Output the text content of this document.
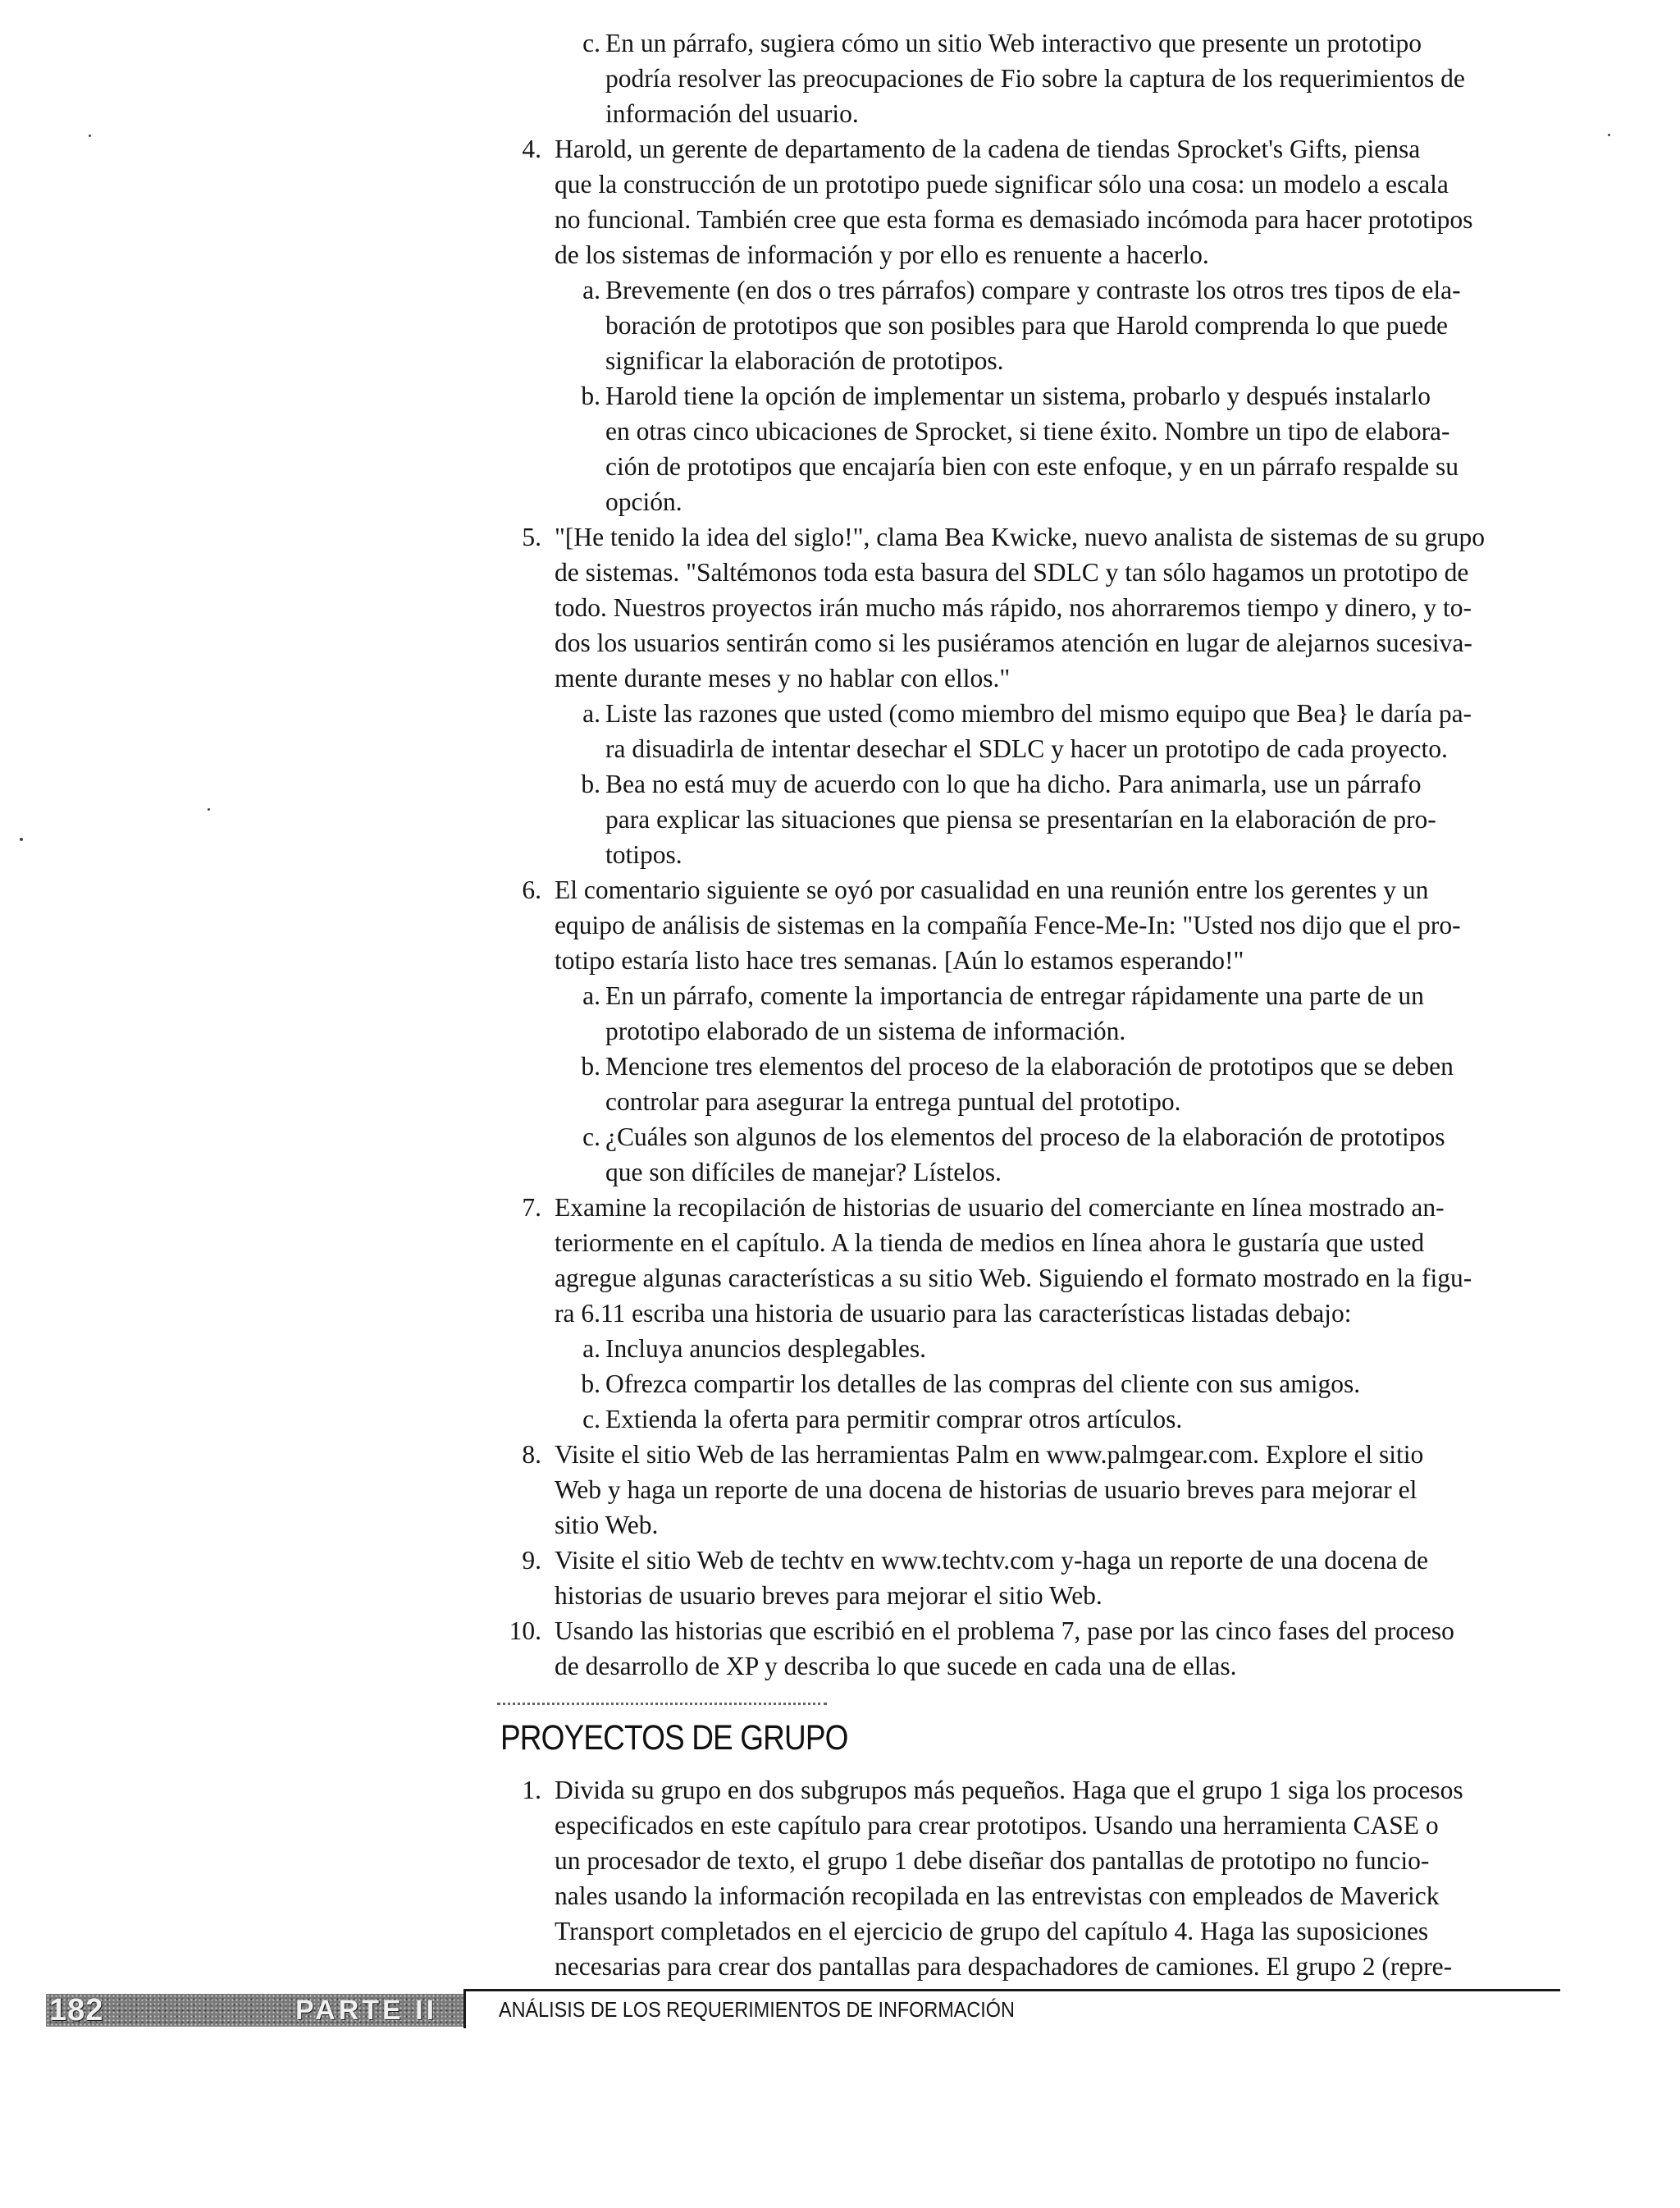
c. En un párrafo, sugiera cómo un sitio Web interactivo que presente un prototipo
podría resolver las preocupaciones de Fio sobre la captura de los requerimientos de
información del usuario.
4. Harold, un gerente de departamento de la cadena de tiendas Sprocket's Gifts, piensa
que la construcción de un prototipo puede significar sólo una cosa: un modelo a escala
no funcional. También cree que esta forma es demasiado incómoda para hacer prototipos
de los sistemas de información y por ello es renuente a hacerlo.
a. Brevemente (en dos o tres párrafos) compare y contraste los otros tres tipos de ela-
boración de prototipos que son posibles para que Harold comprenda lo que puede
significar la elaboración de prototipos.
b. Harold tiene la opción de implementar un sistema, probarlo y después instalarlo
en otras cinco ubicaciones de Sprocket, si tiene éxito. Nombre un tipo de elabora-
ción de prototipos que encajaría bien con este enfoque, y en un párrafo respalde su
opción.
5. "[He tenido la idea del siglo!", clama Bea Kwicke, nuevo analista de sistemas de su grupo
de sistemas. "Saltémonos toda esta basura del SDLC y tan sólo hagamos un prototipo de
todo. Nuestros proyectos irán mucho más rápido, nos ahorraremos tiempo y dinero, y to-
dos los usuarios sentirán como si les pusiéramos atención en lugar de alejarnos sucesiva-
mente durante meses y no hablar con ellos."
a. Liste las razones que usted (como miembro del mismo equipo que Bea} le daría pa-
ra disuadirla de intentar desechar el SDLC y hacer un prototipo de cada proyecto.
b. Bea no está muy de acuerdo con lo que ha dicho. Para animarla, use un párrafo
para explicar las situaciones que piensa se presentarían en la elaboración de pro-
totipos.
6. El comentario siguiente se oyó por casualidad en una reunión entre los gerentes y un
equipo de análisis de sistemas en la compañía Fence-Me-In: "Usted nos dijo que el pro-
totipo estaría listo hace tres semanas. [Aún lo estamos esperando!"
a. En un párrafo, comente la importancia de entregar rápidamente una parte de un
prototipo elaborado de un sistema de información.
b. Mencione tres elementos del proceso de la elaboración de prototipos que se deben
controlar para asegurar la entrega puntual del prototipo.
c. ¿Cuáles son algunos de los elementos del proceso de la elaboración de prototipos
que son difíciles de manejar? Lístelos.
7. Examine la recopilación de historias de usuario del comerciante en línea mostrado an-
teriormente en el capítulo. A la tienda de medios en línea ahora le gustaría que usted
agregue algunas características a su sitio Web. Siguiendo el formato mostrado en la figu-
ra 6.11 escriba una historia de usuario para las características listadas debajo:
a. Incluya anuncios desplegables.
b. Ofrezca compartir los detalles de las compras del cliente con sus amigos.
c. Extienda la oferta para permitir comprar otros artículos.
8. Visite el sitio Web de las herramientas Palm en www.palmgear.com. Explore el sitio
Web y haga un reporte de una docena de historias de usuario breves para mejorar el
sitio Web.
9. Visite el sitio Web de techtv en www.techtv.com y-haga un reporte de una docena de
historias de usuario breves para mejorar el sitio Web.
10. Usando las historias que escribió en el problema 7, pase por las cinco fases del proceso
de desarrollo de XP y describa lo que sucede en cada una de ellas.
PROYECTOS DE GRUPO
1. Divida su grupo en dos subgrupos más pequeños. Haga que el grupo 1 siga los procesos
especificados en este capítulo para crear prototipos. Usando una herramienta CASE o
un procesador de texto, el grupo 1 debe diseñar dos pantallas de prototipo no funcio-
nales usando la información recopilada en las entrevistas con empleados de Maverick
Transport completados en el ejercicio de grupo del capítulo 4. Haga las suposiciones
necesarias para crear dos pantallas para despachadores de camiones. El grupo 2 (repre-
182	PARTE II	ANÁLISIS DE LOS REQUERIMIENTOS DE INFORMACIÓN
